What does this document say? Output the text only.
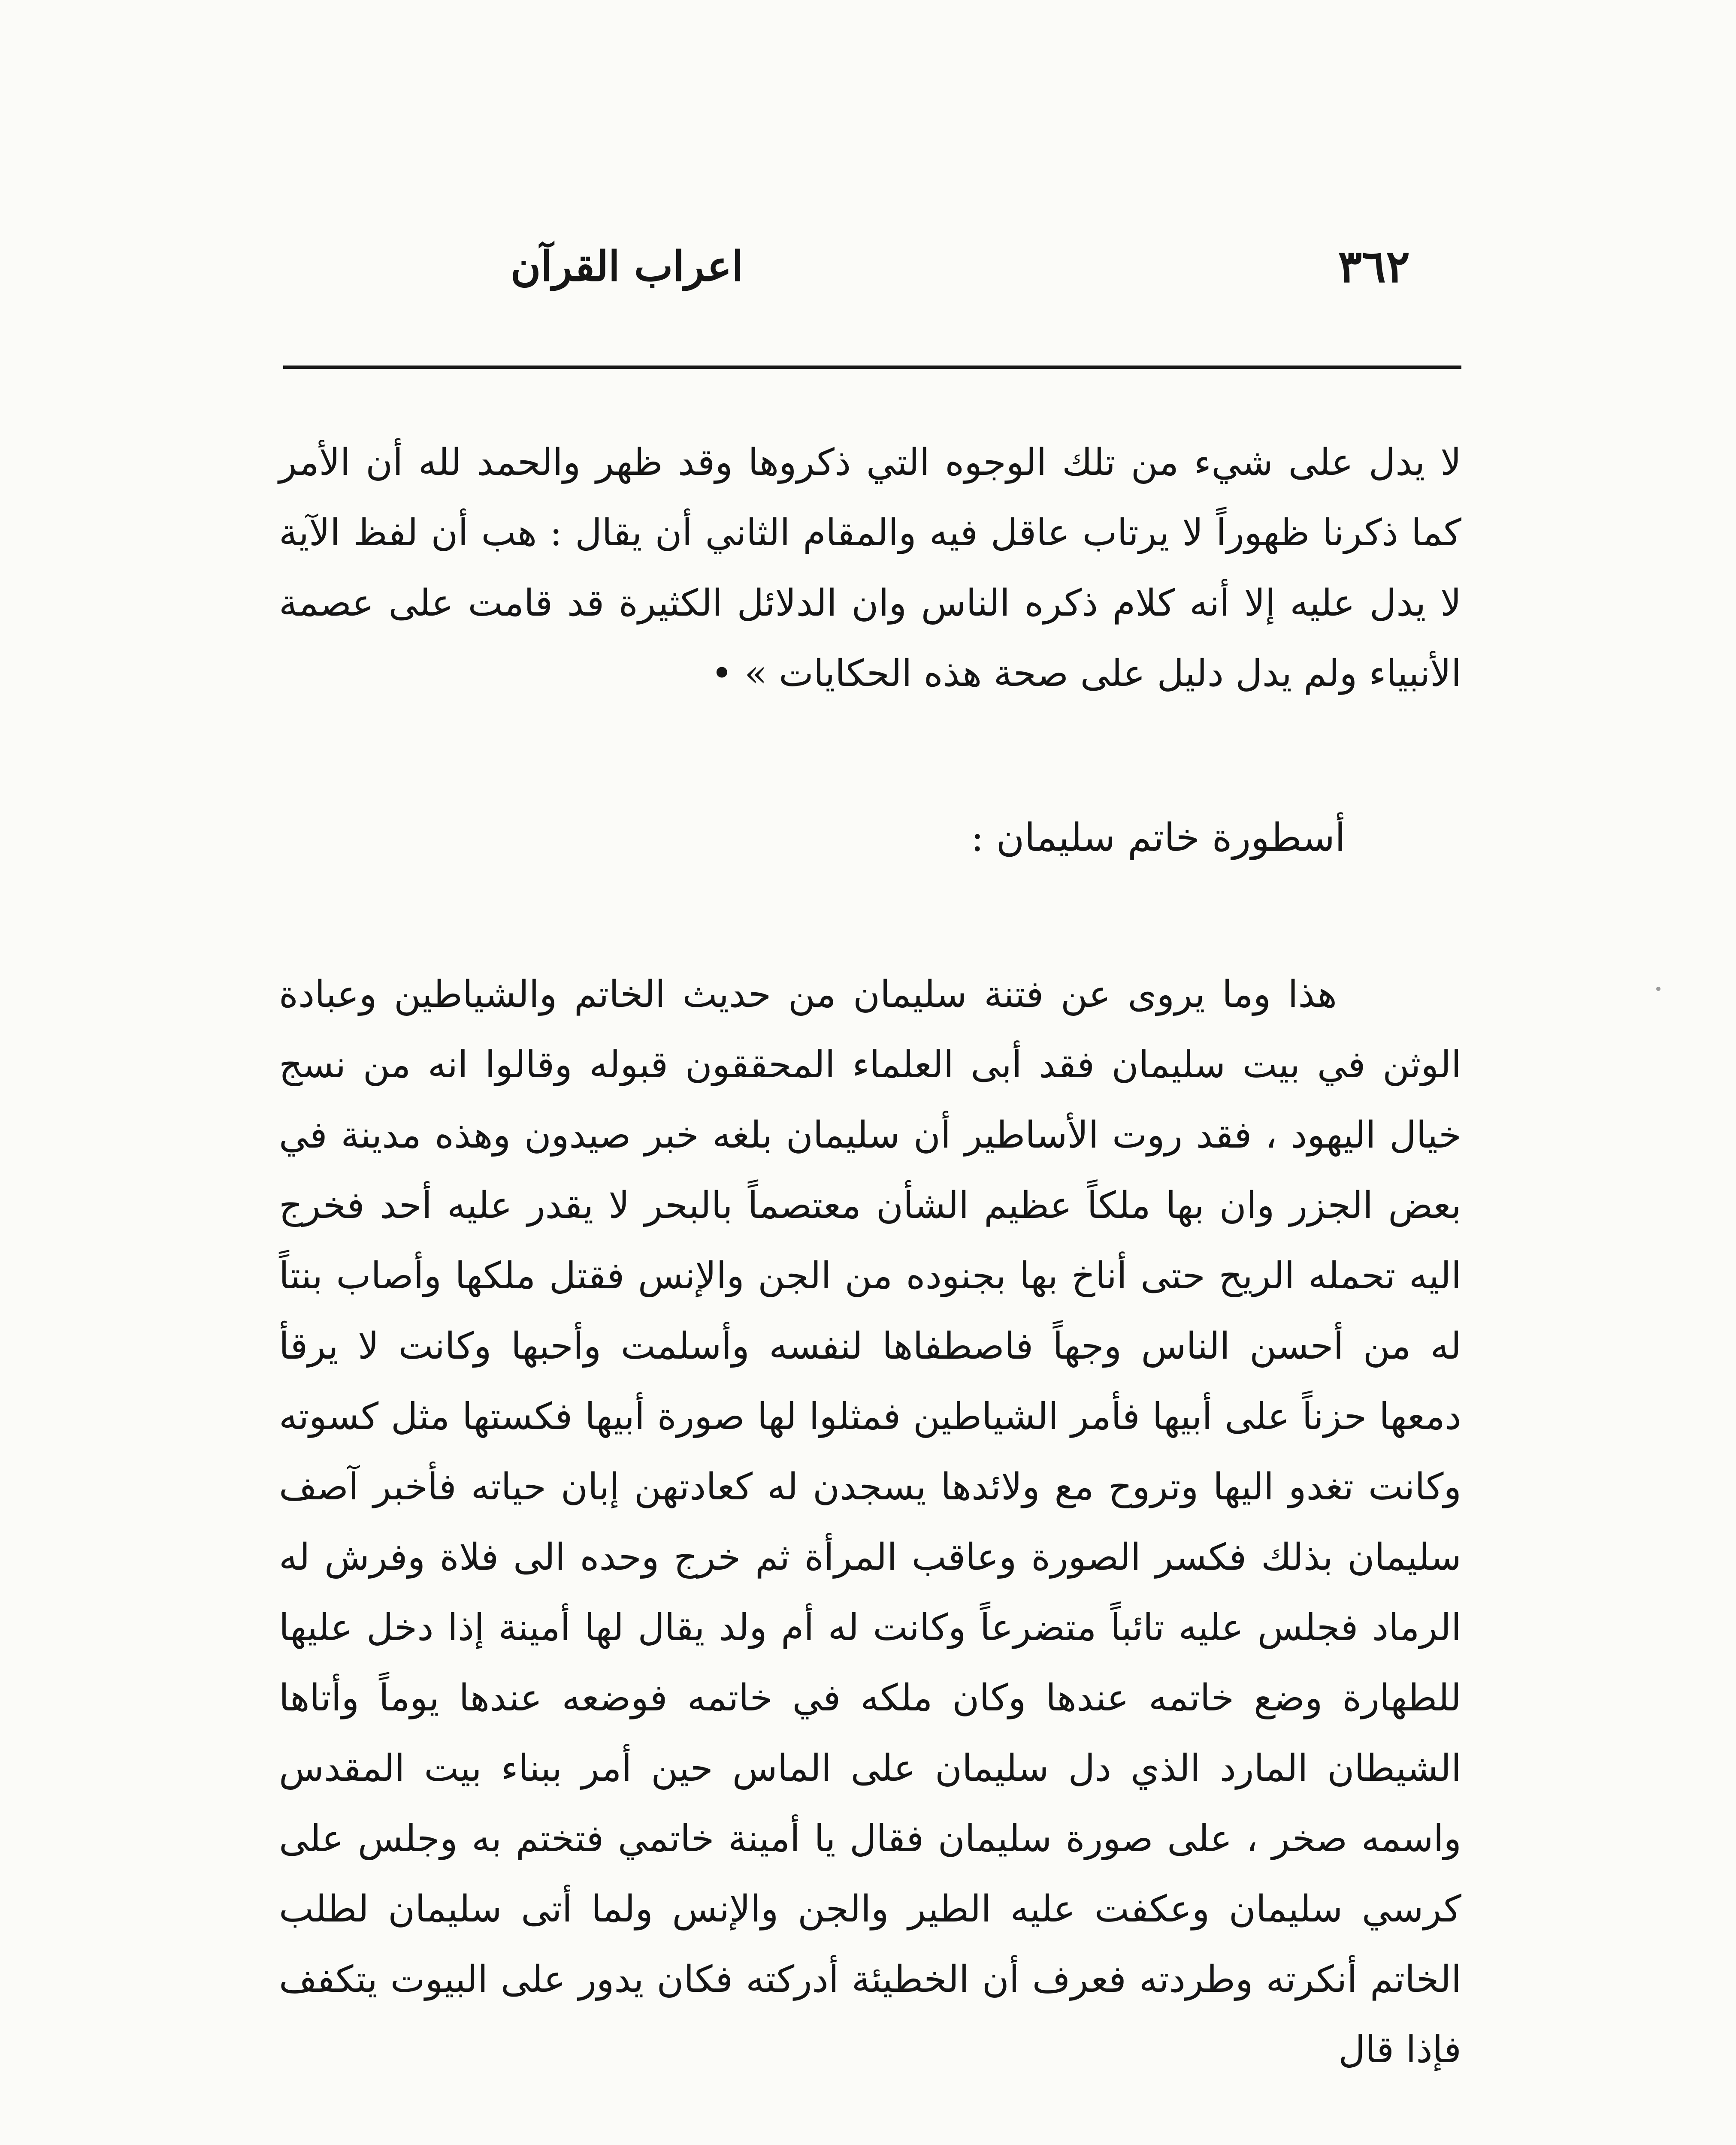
٣٦٢
اعراب القرآن

لا يدل على شيء من تلك الوجوه التي ذكروها وقد ظهر والحمد لله أن الأمر كما ذكرنا ظهوراً لا يرتاب عاقل فيه والمقام الثاني أن يقال : هب أن لفظ الآية لا يدل عليه إلا أنه كلام ذكره الناس وان الدلائل الكثيرة قد قامت على عصمة الأنبياء ولم يدل دليل على صحة هذه الحكايات » •

أسطورة خاتم سليمان :

هذا وما يروى عن فتنة سليمان من حديث الخاتم والشياطين وعبادة الوثن في بيت سليمان فقد أبى العلماء المحققون قبوله وقالوا انه من نسج خيال اليهود ، فقد روت الأساطير أن سليمان بلغه خبر صيدون وهذه مدينة في بعض الجزر وان بها ملكاً عظيم الشأن معتصماً بالبحر لا يقدر عليه أحد فخرج اليه تحمله الريح حتى أناخ بها بجنوده من الجن والإنس فقتل ملكها وأصاب بنتاً له من أحسن الناس وجهاً فاصطفاها لنفسه وأسلمت وأحبها وكانت لا يرقأ دمعها حزناً على أبيها فأمر الشياطين فمثلوا لها صورة أبيها فكستها مثل كسوته وكانت تغدو اليها وتروح مع ولائدها يسجدن له كعادتهن إبان حياته فأخبر آصف سليمان بذلك فكسر الصورة وعاقب المرأة ثم خرج وحده الى فلاة وفرش له الرماد فجلس عليه تائباً متضرعاً وكانت له أم ولد يقال لها أمينة إذا دخل عليها للطهارة وضع خاتمه عندها وكان ملكه في خاتمه فوضعه عندها يوماً وأتاها الشيطان المارد الذي دل سليمان على الماس حين أمر ببناء بيت المقدس واسمه صخر ، على صورة سليمان فقال يا أمينة خاتمي فتختم به وجلس على كرسي سليمان وعكفت عليه الطير والجن والإنس ولما أتى سليمان لطلب الخاتم أنكرته وطردته فعرف أن الخطيئة أدركته فكان يدور على البيوت يتكفف فإذا قال
